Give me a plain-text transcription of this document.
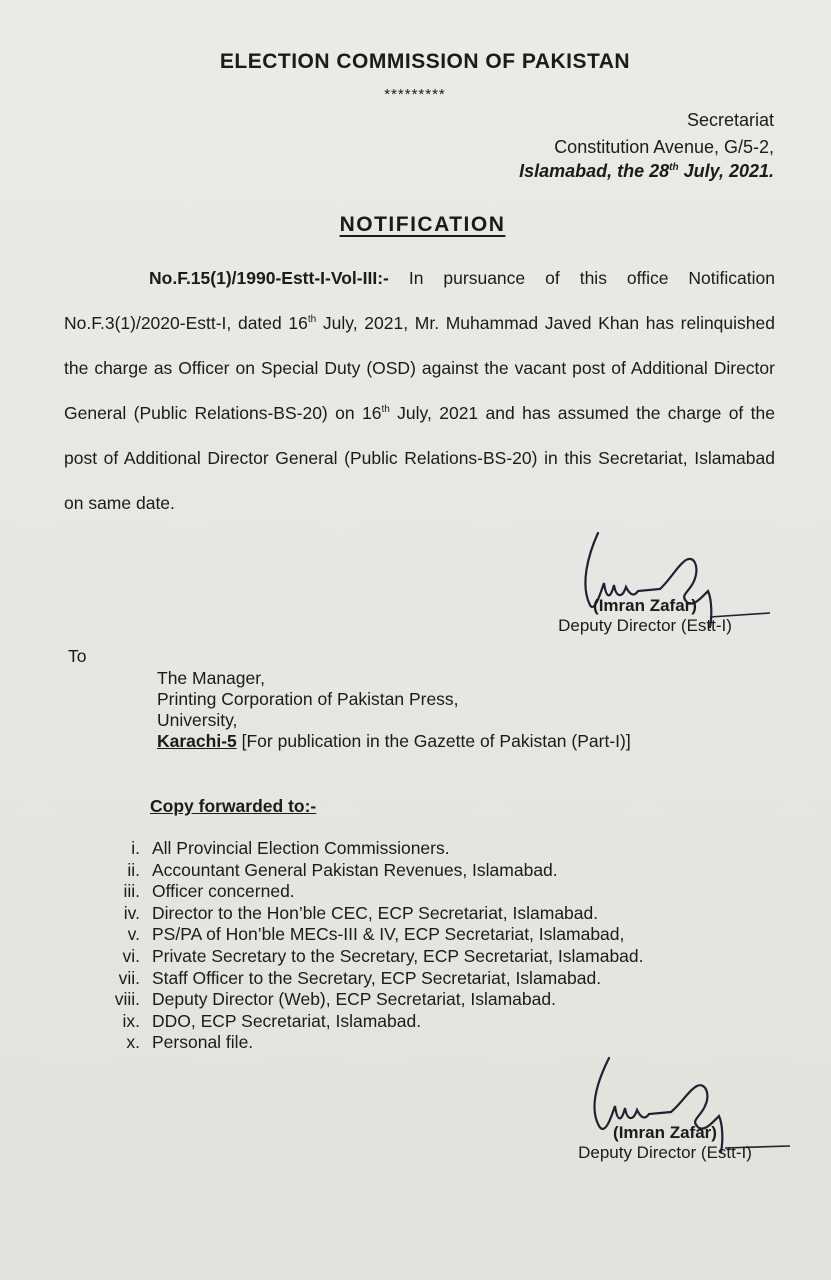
ELECTION COMMISSION OF PAKISTAN
*********
Secretariat
Constitution Avenue, G/5-2,
Islamabad, the 28th July, 2021.
NOTIFICATION
No.F.15(1)/1990-Estt-I-Vol-III:- In pursuance of this office Notification No.F.3(1)/2020-Estt-I, dated 16th July, 2021, Mr. Muhammad Javed Khan has relinquished the charge as Officer on Special Duty (OSD) against the vacant post of Additional Director General (Public Relations-BS-20) on 16th July, 2021 and has assumed the charge of the post of Additional Director General (Public Relations-BS-20) in this Secretariat, Islamabad on same date.
(Imran Zafar)
Deputy Director (Estt-I)
To
The Manager,
Printing Corporation of Pakistan Press,
University,
Karachi-5 [For publication in the Gazette of Pakistan (Part-I)]
Copy forwarded to:-
i. All Provincial Election Commissioners.
ii. Accountant General Pakistan Revenues, Islamabad.
iii. Officer concerned.
iv. Director to the Hon’ble CEC, ECP Secretariat, Islamabad.
v. PS/PA of Hon’ble MECs-III & IV, ECP Secretariat, Islamabad,
vi. Private Secretary to the Secretary, ECP Secretariat, Islamabad.
vii. Staff Officer to the Secretary, ECP Secretariat, Islamabad.
viii. Deputy Director (Web), ECP Secretariat, Islamabad.
ix. DDO, ECP Secretariat, Islamabad.
x. Personal file.
(Imran Zafar)
Deputy Director (Estt-I)
